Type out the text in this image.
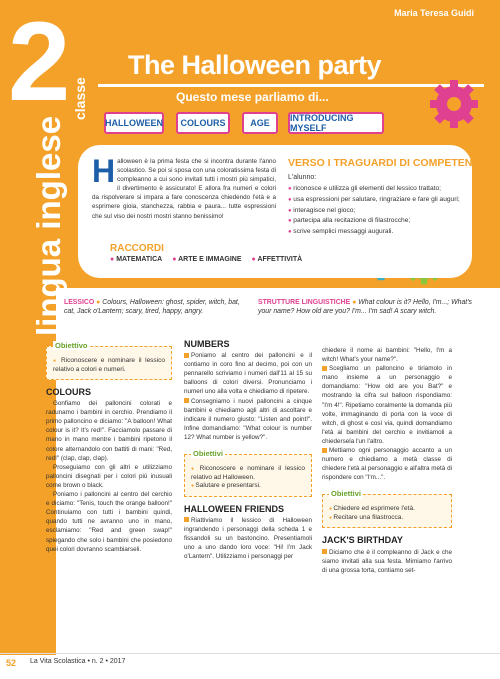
Maria Teresa Guidi
2 classe
lingua inglese
The Halloween party
Questo mese parliamo di...
HALLOWEEN	COLOURS	AGE	INTRODUCING MYSELF
Halloween è la prima festa che si incontra durante l'anno scolastico. Se poi si sposa con una coloratissima festa di compleanno a cui sono invitati tutti i mostri più simpatici, il divertimento è assicurato! E allora fra numeri e colori da rispolverare si impara a fare conoscenza chiedendo l'età e a esprimere gioia, stanchezza, rabbia e paura... tutte espressioni che sul viso dei nostri mostri stanno benissimo!
RACCORDI
● MATEMATICA	● ARTE E IMMAGINE	● AFFETTIVITÀ
VERSO I TRAGUARDI DI COMPETENZA
L'alunno:
● riconosce e utilizza gli elementi del lessico trattato;
● usa espressioni per salutare, ringraziare e fare gli auguri;
● interagisce nel gioco;
● partecipa alla recitazione di filastrocche;
● scrive semplici messaggi augurali.
LESSICO ● Colours, Halloween: ghost, spider, witch, bat, cat, Jack o'Lantern; scary, tired, happy, angry.
STRUTTURE LINGUISTICHE ● What colour is it? Hello, I'm...; What's your name? How old are you? I'm... I'm sad! A scary witch.
Obiettivo
● Riconoscere e nominare il lessico relativo a colori e numeri.
COLOURS

Gonfiamo dei palloncini colorati e radunamo i bambini in cerchio. Prendiamo il primo palloncino e diciamo: "A balloon! What colour is it? It's red!". Facciamolo passare di mano in mano mentre i bambini ripetono il colore alternandolo con battiti di mani: "Red, red!" (clap, clap, clap).

Proseguiamo con gli altri e utilizziamo palloncini disegnati per i colori più inusuali come brown o black.

Poniamo i palloncini al centro del cerchio e diciamo: "Tenis, touch the orange balloon!" Continuiamo con tutti i bambini quindi, quando tutti ne avranno uno in mano, esclamiamo: "Red and green swap!" spiegando che solo i bambini che posiedono quei colori dovranno scambiarseli.

NUMBERS

Poniamo al centro dei palloncini e il contiamo in coro fino al decimo, poi con un pennarello scriviamo i numeri dall'11 al 15 su balloons di colori diversi. Pronunciamo i numeri uno alla volta e chiediamo di ripetere.

Consegniamo i nuovi palloncini a cinque bambini e chiediamo agli altri di ascoltare e indicare il numero giusto: "Listen and point!". Infine domandiamo: "What colour is number 12? What number is yellow?".

Obiettivi
● Riconoscere e nominare il lessico relativo ad Halloween.
● Salutare e presentarsi.
HALLOWEEN FRIENDS

Riattiviamo il lessico di Halloween ingrandendo i personaggi della scheda 1 e fissandoli su un bastoncino. Presentiamoli uno a uno dando loro voce: "Hi! I'm Jack o'Lantern". Utilizziamo i personaggi per

chiedere il nome ai bambini: "Hello, I'm a witch! What's your name?".

Scegliamo un palloncino e tiriamolo in mano insieme a un personaggio e domandiamo: "How old are you Bat?" e mostrando la cifra sul balloon rispondiamo: "I'm 4!". Ripetiamo coralmente la domanda più volte, immaginando di porla con la voce di witch, di ghost e così via, quindi domandiamo l'età ai bambini del cerchio e invitiamoli a chiedersela l'un l'altro.

Mettiamo ogni personaggio accanto a un numero e chiediamo a metà classe di chiedere l'età al personaggio e all'altra metà di rispondere con "I'm...".

Obiettivi
● Chiedere ed esprimere l'età.
● Recitare una filastrocca.
JACK'S BIRTHDAY

Diciamo che è il compleanno di Jack e che siamo invitati alla sua festa. Mimiamo l'arrivo di una grossa torta, contiamo set-

52 La Vita Scolastica • n. 2 • 2017
